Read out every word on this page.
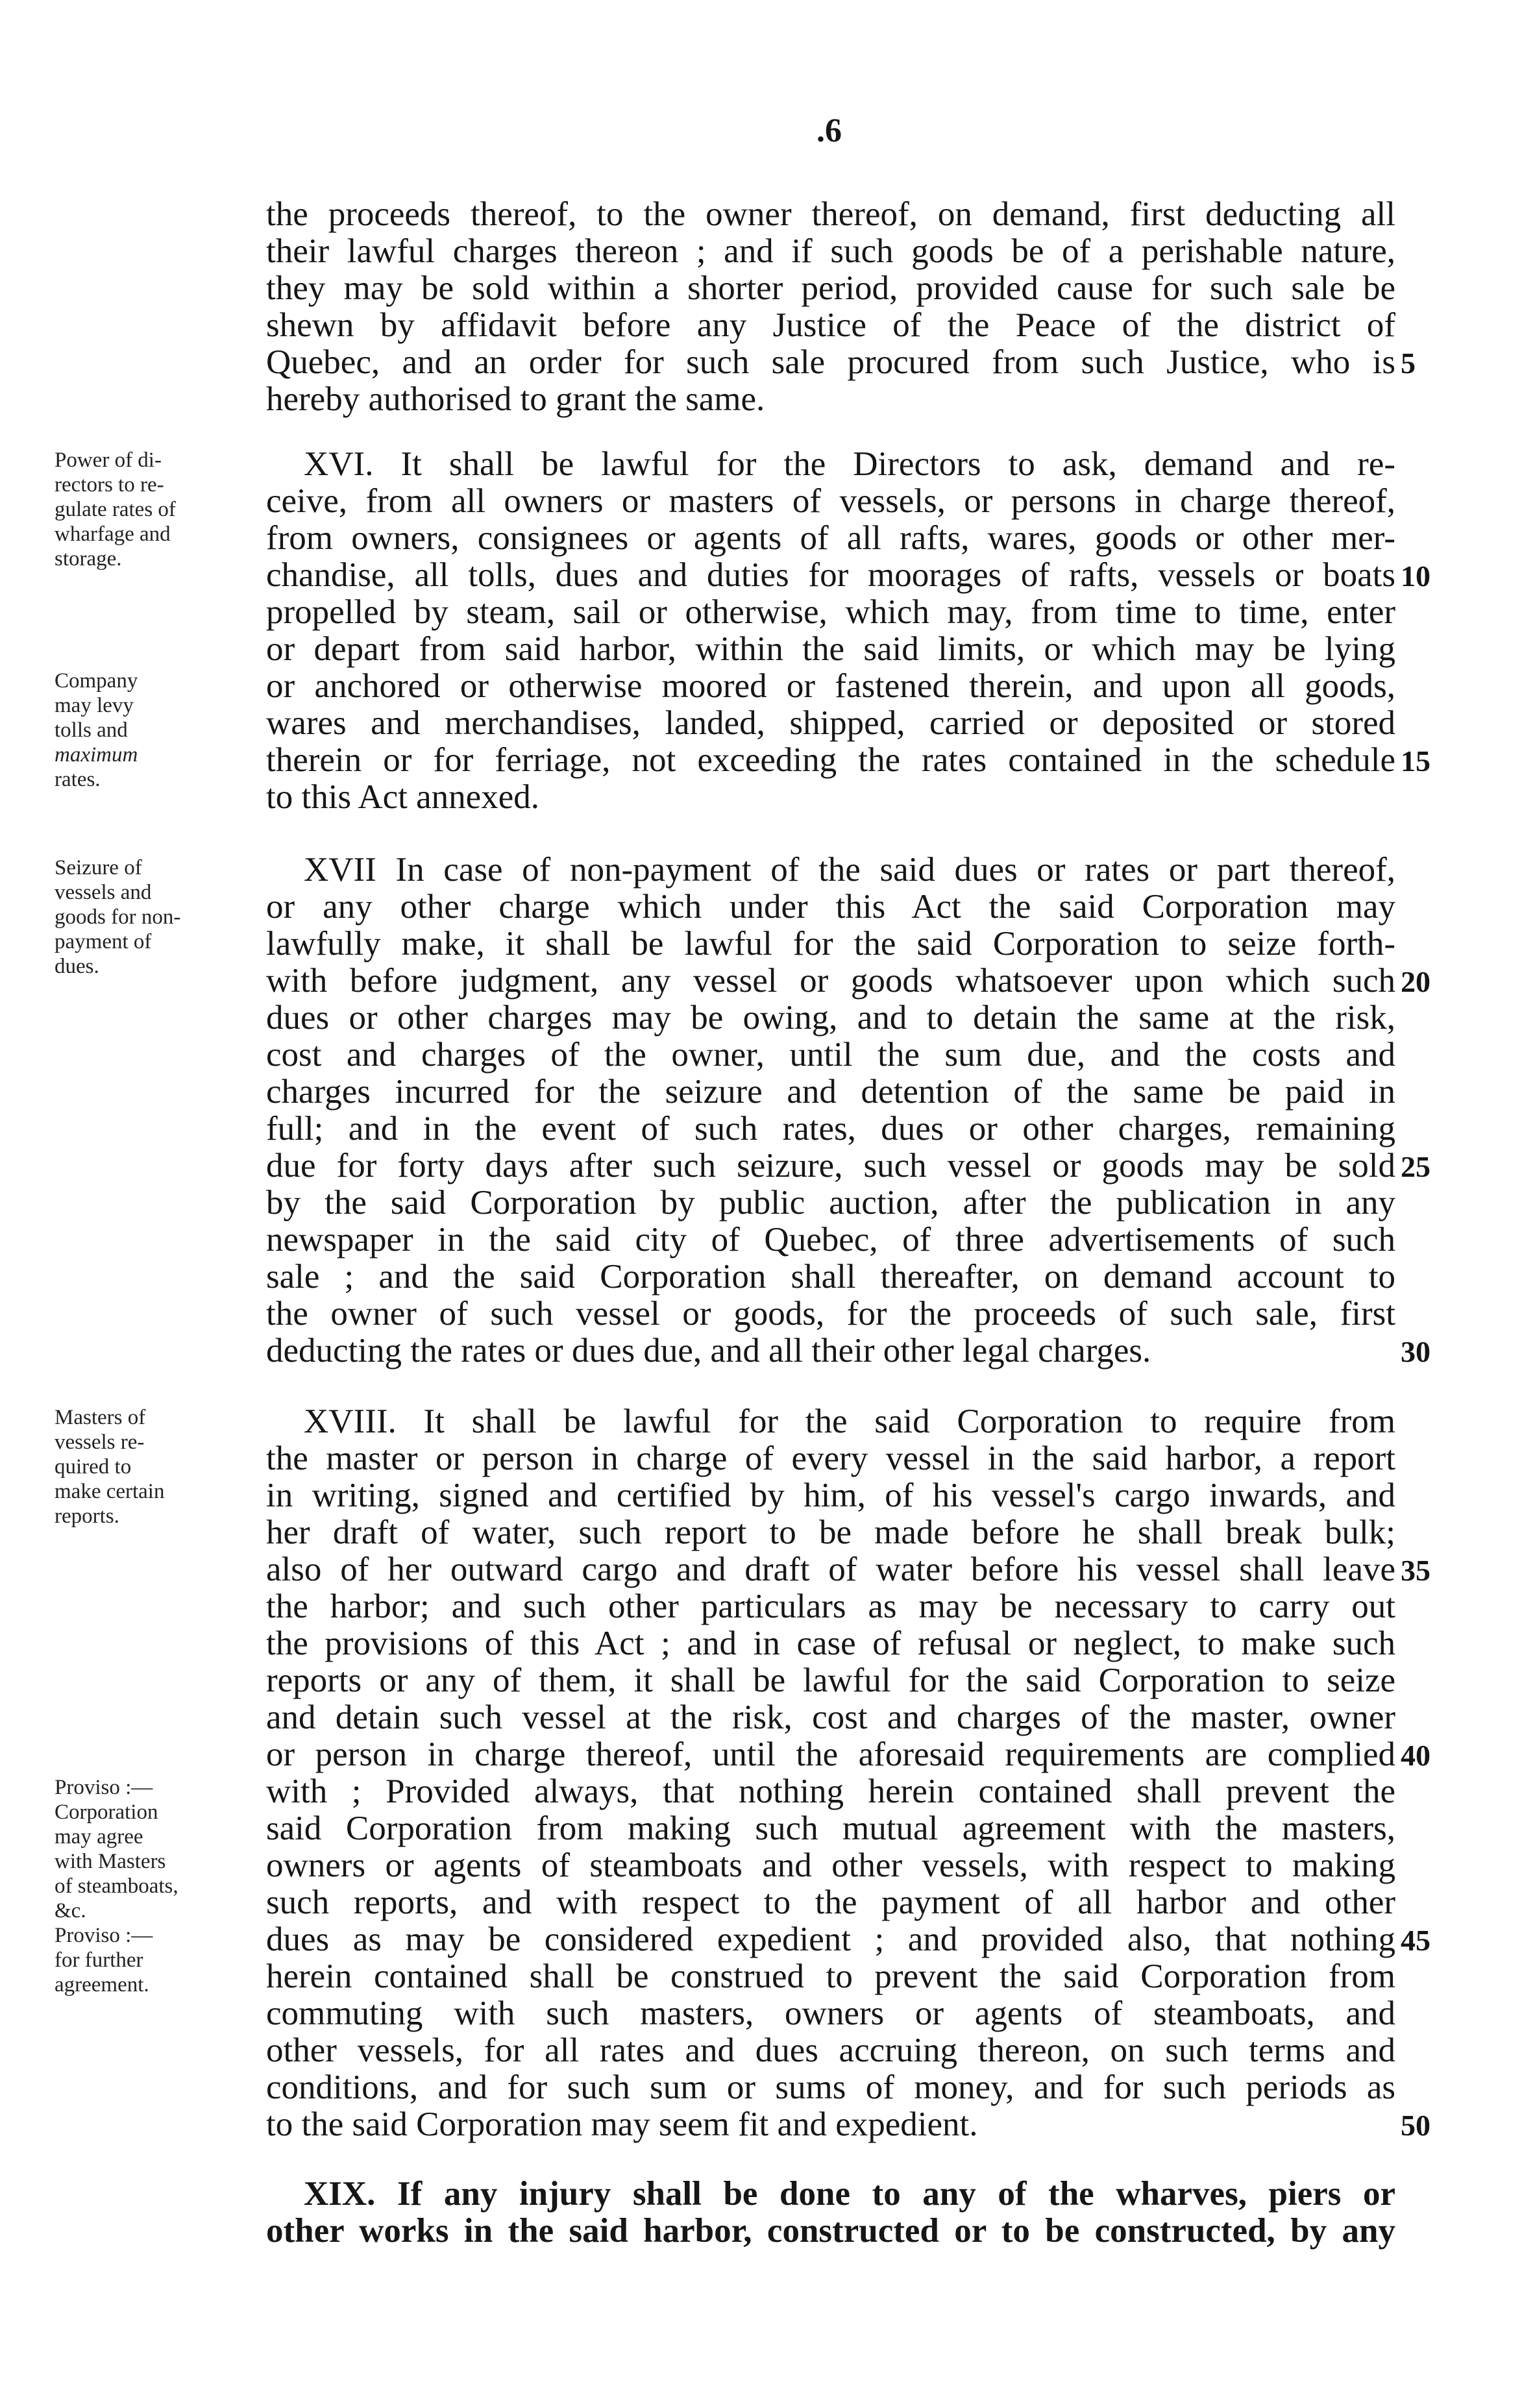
.6
the proceeds thereof, to the owner thereof, on demand, first deducting all
their lawful charges thereon ; and if such goods be of a perishable nature,
they may be sold within a shorter period, provided cause for such sale be
shewn by affidavit before any Justice of the Peace of the district of
Quebec, and an order for such sale procured from such Justice, who is
hereby authorised to grant the same.
XVI. It shall be lawful for the Directors to ask, demand and re-
ceive, from all owners or masters of vessels, or persons in charge thereof,
from owners, consignees or agents of all rafts, wares, goods or other mer-
chandise, all tolls, dues and duties for moorages of rafts, vessels or boats
propelled by steam, sail or otherwise, which may, from time to time, enter
or depart from said harbor, within the said limits, or which may be lying
or anchored or otherwise moored or fastened therein, and upon all goods,
wares and merchandises, landed, shipped, carried or deposited or stored
therein or for ferriage, not exceeding the rates contained in the schedule
to this Act annexed.
XVII In case of non-payment of the said dues or rates or part thereof,
or any other charge which under this Act the said Corporation may
lawfully make, it shall be lawful for the said Corporation to seize forth-
with before judgment, any vessel or goods whatsoever upon which such
dues or other charges may be owing, and to detain the same at the risk,
cost and charges of the owner, until the sum due, and the costs and
charges incurred for the seizure and detention of the same be paid in
full; and in the event of such rates, dues or other charges, remaining
due for forty days after such seizure, such vessel or goods may be sold
by the said Corporation by public auction, after the publication in any
newspaper in the said city of Quebec, of three advertisements of such
sale ; and the said Corporation shall thereafter, on demand account to
the owner of such vessel or goods, for the proceeds of such sale, first
deducting the rates or dues due, and all their other legal charges.
XVIII. It shall be lawful for the said Corporation to require from
the master or person in charge of every vessel in the said harbor, a report
in writing, signed and certified by him, of his vessel's cargo inwards, and
her draft of water, such report to be made before he shall break bulk;
also of her outward cargo and draft of water before his vessel shall leave
the harbor; and such other particulars as may be necessary to carry out
the provisions of this Act ; and in case of refusal or neglect, to make such
reports or any of them, it shall be lawful for the said Corporation to seize
and detain such vessel at the risk, cost and charges of the master, owner
or person in charge thereof, until the aforesaid requirements are complied
with ; Provided always, that nothing herein contained shall prevent the
said Corporation from making such mutual agreement with the masters,
owners or agents of steamboats and other vessels, with respect to making
such reports, and with respect to the payment of all harbor and other
dues as may be considered expedient ; and provided also, that nothing
herein contained shall be construed to prevent the said Corporation from
commuting with such masters, owners or agents of steamboats, and
other vessels, for all rates and dues accruing thereon, on such terms and
conditions, and for such sum or sums of money, and for such periods as
to the said Corporation may seem fit and expedient.
XIX. If any injury shall be done to any of the wharves, piers or
other works in the said harbor, constructed or to be constructed, by any
5
10
15
20
25
30
35
40
45
50
Power of di-
rectors to re-
gulate rates of
wharfage and
storage.
Company
may levy
tolls and
maximum
rates.
Seizure of
vessels and
goods for non-
payment of
dues.
Masters of
vessels re-
quired to
make certain
reports.
Proviso :—
Corporation
may agree
with Masters
of steamboats,
&c.
Proviso :—
for further
agreement.
